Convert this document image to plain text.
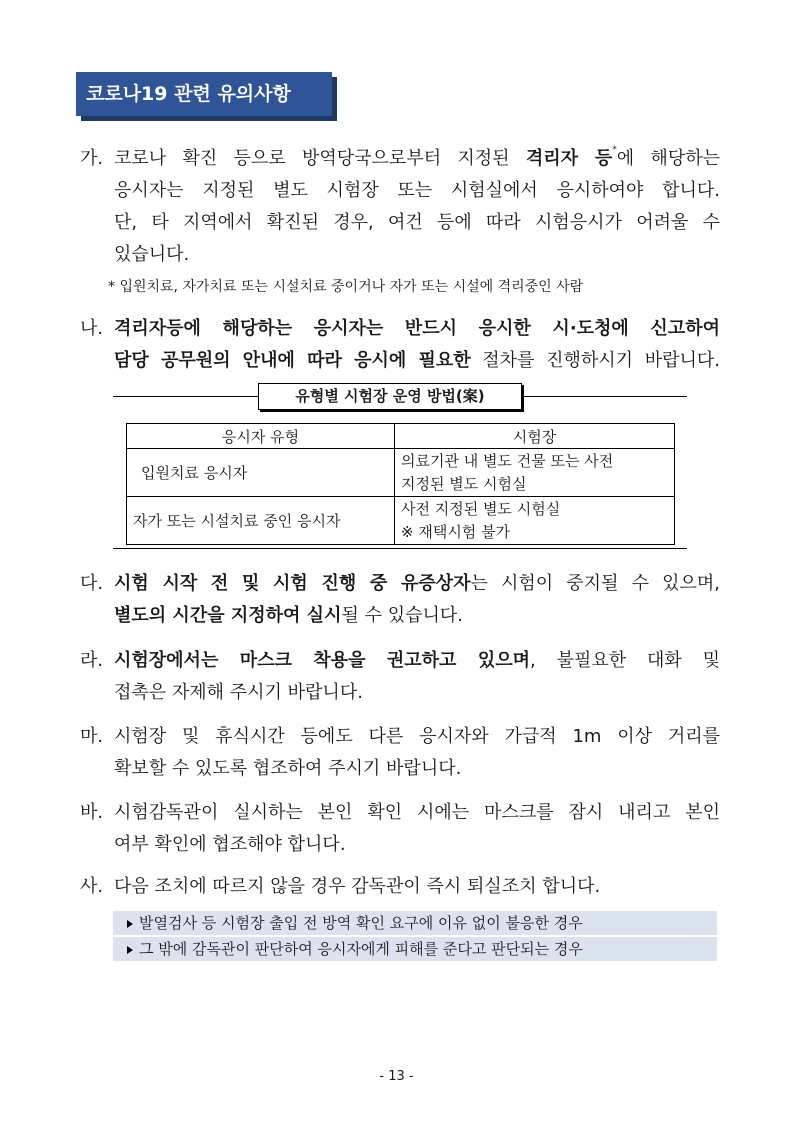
코로나19 관련 유의사항
가. 코로나 확진 등으로 방역당국으로부터 지정된 격리자 등*에 해당하는
응시자는 지정된 별도 시험장 또는 시험실에서 응시하여야 합니다.
단, 타 지역에서 확진된 경우, 여건 등에 따라 시험응시가 어려울 수
있습니다.
* 입원치료, 자가치료 또는 시설치료 중이거나 자가 또는 시설에 격리중인 사람
나. 격리자등에 해당하는 응시자는 반드시 응시한 시·도청에 신고하여
담당 공무원의 안내에 따라 응시에 필요한 절차를 진행하시기 바랍니다.
유형별 시험장 운영 방법(案)
응시자 유형	시험장
입원치료 응시자	의료기관 내 별도 건물 또는 사전
지정된 별도 시험실

자가 또는 시설치료 중인 응시자	사전 지정된 별도 시험실
※ 재택시험 불가
다. 시험 시작 전 및 시험 진행 중 유증상자는 시험이 중지될 수 있으며,
별도의 시간을 지정하여 실시될 수 있습니다.
라. 시험장에서는 마스크 착용을 권고하고 있으며, 불필요한 대화 및
접촉은 자제해 주시기 바랍니다.
마. 시험장 및 휴식시간 등에도 다른 응시자와 가급적 1m 이상 거리를
확보할 수 있도록 협조하여 주시기 바랍니다.
바. 시험감독관이 실시하는 본인 확인 시에는 마스크를 잠시 내리고 본인
여부 확인에 협조해야 합니다.
사. 다음 조치에 따르지 않을 경우 감독관이 즉시 퇴실조치 합니다.
발열검사 등 시험장 출입 전 방역 확인 요구에 이유 없이 불응한 경우
그 밖에 감독관이 판단하여 응시자에게 피해를 준다고 판단되는 경우
- 13 -
